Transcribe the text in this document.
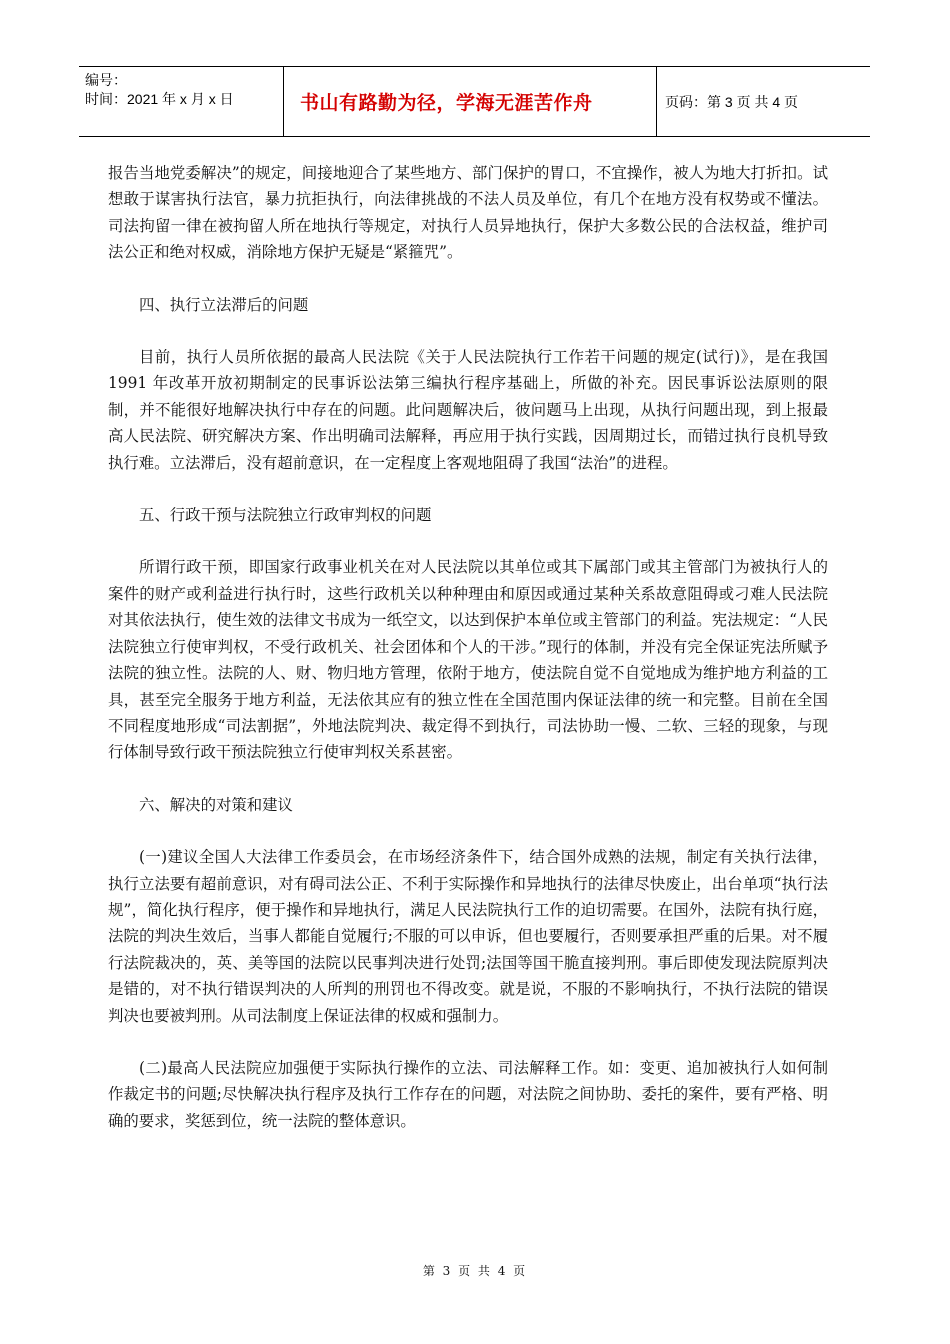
编号：
时间：2021 年 x 月 x 日	书山有路勤为径，学海无涯苦作舟	页码：第 3 页 共 4 页

报告当地党委解决”的规定，间接地迎合了某些地方、部门保护的胃口，不宜操作，被人为地大打折扣。试想敢于谋害执行法官，暴力抗拒执行，向法律挑战的不法人员及单位，有几个在地方没有权势或不懂法。司法拘留一律在被拘留人所在地执行等规定，对执行人员异地执行，保护大多数公民的合法权益，维护司法公正和绝对权威，消除地方保护无疑是“紧箍咒”。

四、执行立法滞后的问题

目前，执行人员所依据的最高人民法院《关于人民法院执行工作若干问题的规定(试行)》，是在我国 1991 年改革开放初期制定的民事诉讼法第三编执行程序基础上，所做的补充。因民事诉讼法原则的限制，并不能很好地解决执行中存在的问题。此问题解决后，彼问题马上出现，从执行问题出现，到上报最高人民法院、研究解决方案、作出明确司法解释，再应用于执行实践，因周期过长，而错过执行良机导致执行难。立法滞后，没有超前意识，在一定程度上客观地阻碍了我国“法治”的进程。

五、行政干预与法院独立行政审判权的问题

所谓行政干预，即国家行政事业机关在对人民法院以其单位或其下属部门或其主管部门为被执行人的案件的财产或利益进行执行时，这些行政机关以种种理由和原因或通过某种关系故意阻碍或刁难人民法院对其依法执行，使生效的法律文书成为一纸空文，以达到保护本单位或主管部门的利益。宪法规定：“人民法院独立行使审判权，不受行政机关、社会团体和个人的干涉。”现行的体制，并没有完全保证宪法所赋予法院的独立性。法院的人、财、物归地方管理，依附于地方，使法院自觉不自觉地成为维护地方利益的工具，甚至完全服务于地方利益，无法依其应有的独立性在全国范围内保证法律的统一和完整。目前在全国不同程度地形成“司法割据”，外地法院判决、裁定得不到执行，司法协助一慢、二软、三轻的现象，与现行体制导致行政干预法院独立行使审判权关系甚密。

六、解决的对策和建议

(一)建议全国人大法律工作委员会，在市场经济条件下，结合国外成熟的法规，制定有关执行法律，执行立法要有超前意识，对有碍司法公正、不利于实际操作和异地执行的法律尽快废止，出台单项“执行法规”，简化执行程序，便于操作和异地执行，满足人民法院执行工作的迫切需要。在国外，法院有执行庭，法院的判决生效后，当事人都能自觉履行;不服的可以申诉，但也要履行，否则要承担严重的后果。对不履行法院裁决的，英、美等国的法院以民事判决进行处罚;法国等国干脆直接判刑。事后即使发现法院原判决是错的，对不执行错误判决的人所判的刑罚也不得改变。就是说，不服的不影响执行，不执行法院的错误判决也要被判刑。从司法制度上保证法律的权威和强制力。

(二)最高人民法院应加强便于实际执行操作的立法、司法解释工作。如：变更、追加被执行人如何制作裁定书的问题;尽快解决执行程序及执行工作存在的问题，对法院之间协助、委托的案件，要有严格、明确的要求，奖惩到位，统一法院的整体意识。

第 3 页 共 4 页
